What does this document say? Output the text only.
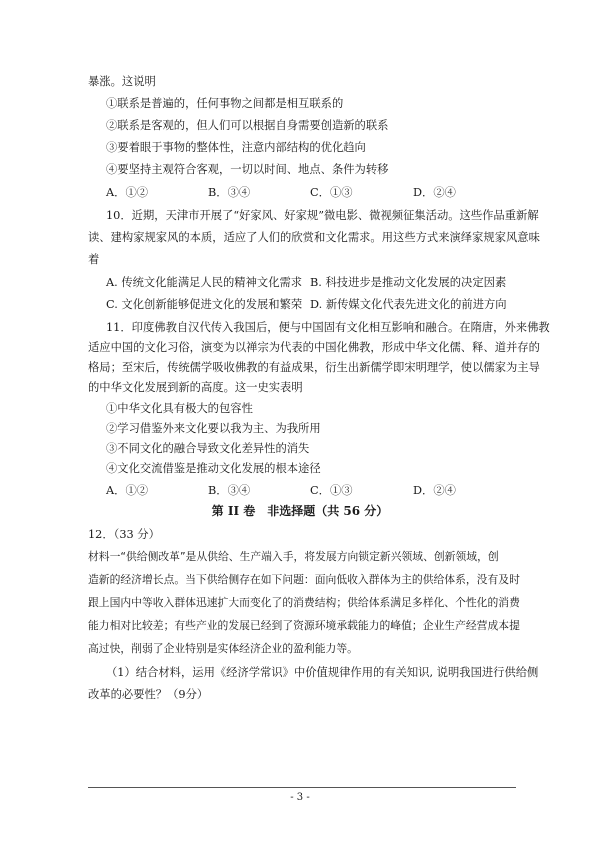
暴涨。这说明
①联系是普遍的，任何事物之间都是相互联系的
②联系是客观的，但人们可以根据自身需要创造新的联系
③要着眼于事物的整体性，注意内部结构的优化趋向
④要坚持主观符合客观，一切以时间、地点、条件为转移
A．①②	B．③④	C．①③	D．②④
10．近期，天津市开展了“好家风、好家规”微电影、微视频征集活动。这些作品重新解
读、建构家规家风的本质，适应了人们的欣赏和文化需求。用这些方式来演绎家规家风意味
着
A. 传统文化能满足人民的精神文化需求 B. 科技进步是推动文化发展的决定因素
C. 文化创新能够促进文化的发展和繁荣 D. 新传媒文化代表先进文化的前进方向
11．印度佛教自汉代传入我国后，便与中国固有文化相互影响和融合。在隋唐，外来佛教
适应中国的文化习俗，演变为以禅宗为代表的中国化佛教，形成中华文化儒、释、道并存的
格局；至宋后，传统儒学吸收佛教的有益成果，衍生出新儒学即宋明理学，使以儒家为主导
的中华文化发展到新的高度。这一史实表明
第 II 卷　非选择题（共 56 分）
12．（33 分）
材料一“供给侧改革”是从供给、生产端入手，将发展方向锁定新兴领域、创新领域，创
造新的经济增长点。当下供给侧存在如下问题：面向低收入群体为主的供给体系，没有及时
跟上国内中等收入群体迅速扩大而变化了的消费结构；供给体系满足多样化、个性化的消费
能力相对比较差；有些产业的发展已经到了资源环境承载能力的峰值；企业生产经营成本提
高过快，削弱了企业特别是实体经济企业的盈利能力等。
（1）结合材料，运用《经济学常识》中价值规律作用的有关知识, 说明我国进行供给侧
改革的必要性？（9分）
- 3 -
①中华文化具有极大的包容性
②学习借鉴外来文化要以我为主、为我所用
③不同文化的融合导致文化差异性的消失
④文化交流借鉴是推动文化发展的根本途径
A．①②	B．③④	C．①③	D．②④
